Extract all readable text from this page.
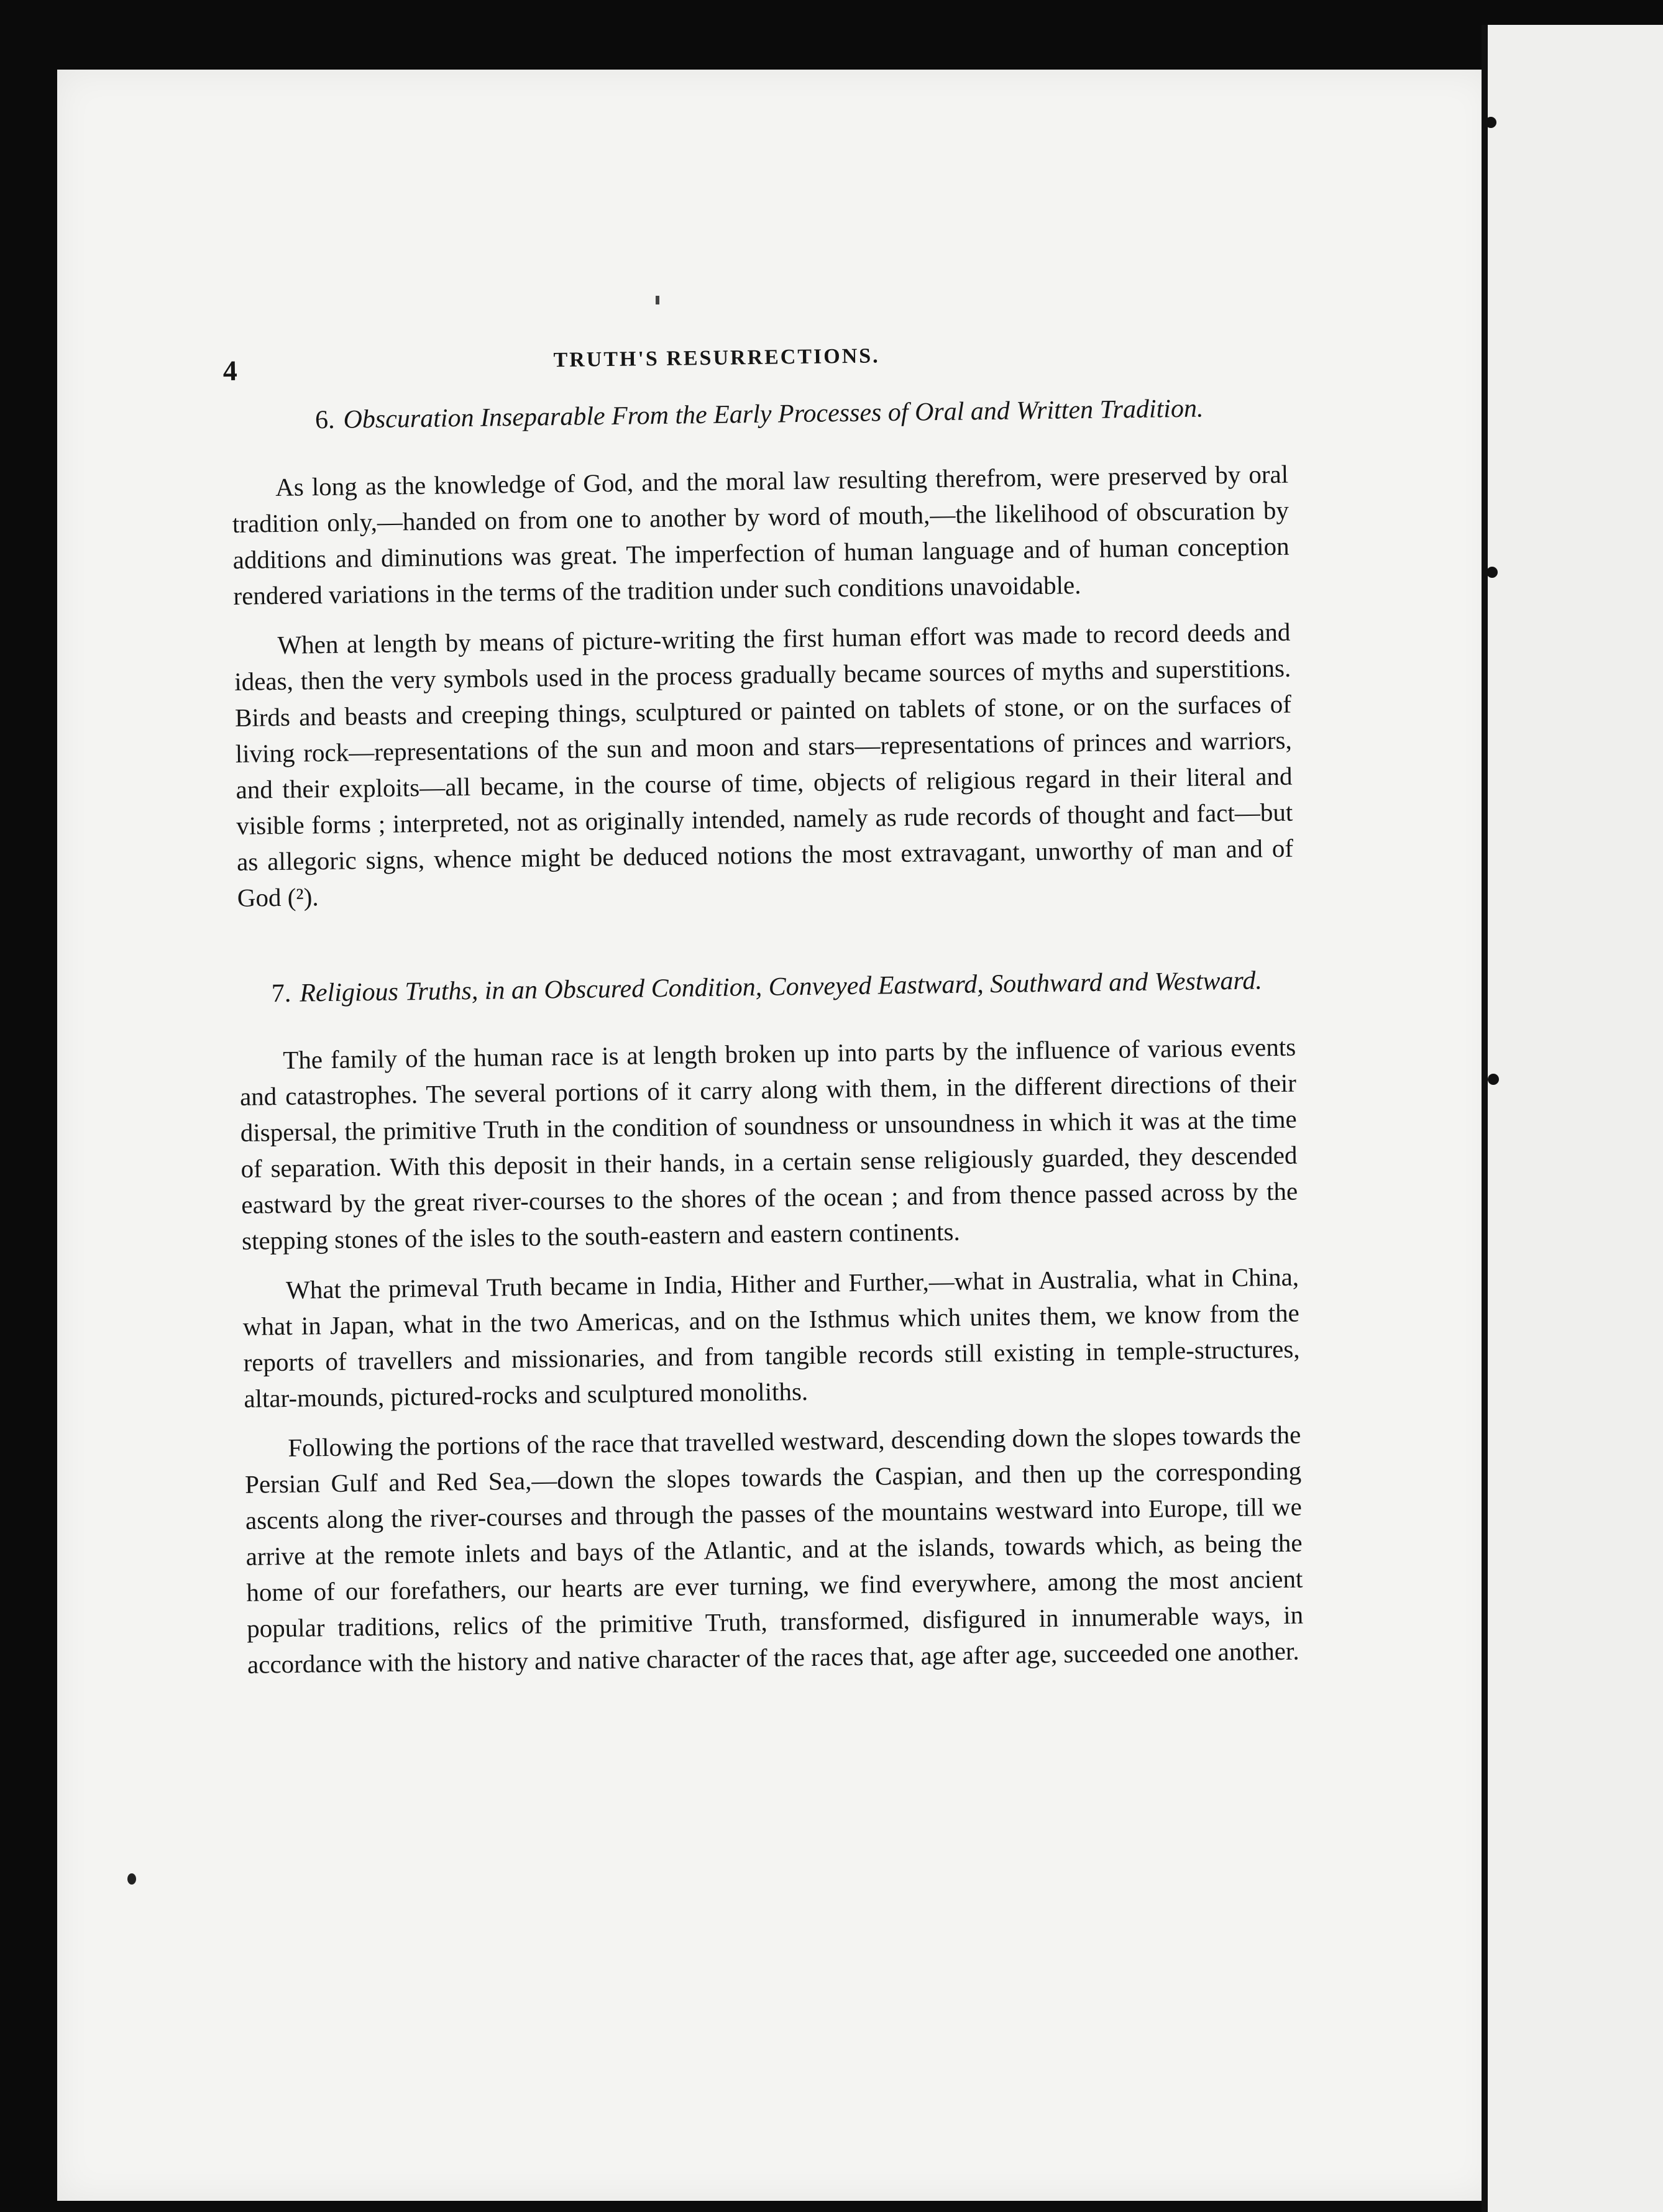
4	TRUTH'S RESURRECTIONS.
6. Obscuration Inseparable From the Early Processes of Oral and Written Tradition.

As long as the knowledge of God, and the moral law resulting therefrom, were preserved by oral tradition only,—handed on from one to another by word of mouth,—the likelihood of obscuration by additions and diminutions was great. The imperfection of human language and of human conception rendered variations in the terms of the tradition under such conditions unavoidable.

When at length by means of picture-writing the first human effort was made to record deeds and ideas, then the very symbols used in the process gradually became sources of myths and superstitions. Birds and beasts and creeping things, sculptured or painted on tablets of stone, or on the surfaces of living rock—representations of the sun and moon and stars—representations of princes and warriors, and their exploits—all became, in the course of time, objects of religious regard in their literal and visible forms ; interpreted, not as originally intended, namely as rude records of thought and fact—but as allegoric signs, whence might be deduced notions the most extravagant, unworthy of man and of God (²).

7. Religious Truths, in an Obscured Condition, Conveyed Eastward, Southward and Westward.

The family of the human race is at length broken up into parts by the influence of various events and catastrophes. The several portions of it carry along with them, in the different directions of their dispersal, the primitive Truth in the condition of soundness or unsoundness in which it was at the time of separation. With this deposit in their hands, in a certain sense religiously guarded, they descended eastward by the great river-courses to the shores of the ocean ; and from thence passed across by the stepping stones of the isles to the south-eastern and eastern continents.

What the primeval Truth became in India, Hither and Further,—what in Australia, what in China, what in Japan, what in the two Americas, and on the Isthmus which unites them, we know from the reports of travellers and missionaries, and from tangible records still existing in temple-structures, altar-mounds, pictured-rocks and sculptured monoliths.

Following the portions of the race that travelled westward, descending down the slopes towards the Persian Gulf and Red Sea,—down the slopes towards the Caspian, and then up the corresponding ascents along the river-courses and through the passes of the mountains westward into Europe, till we arrive at the remote inlets and bays of the Atlantic, and at the islands, towards which, as being the home of our forefathers, our hearts are ever turning, we find everywhere, among the most ancient popular traditions, relics of the primitive Truth, transformed, disfigured in innumerable ways, in accordance with the history and native character of the races that, age after age, succeeded one another.
